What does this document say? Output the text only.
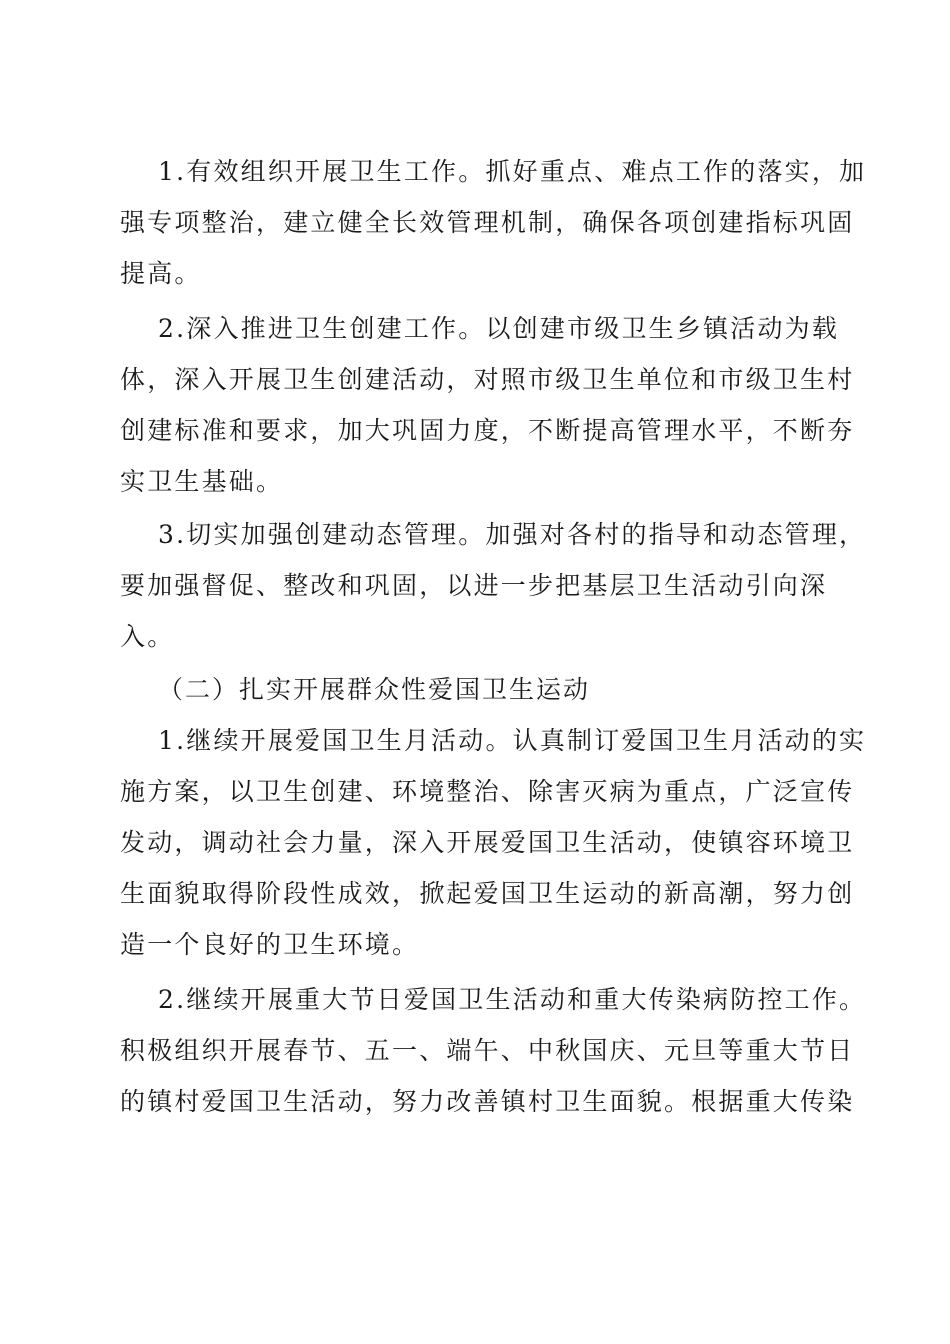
1.有效组织开展卫生工作。抓好重点、难点工作的落实，加
强专项整治，建立健全长效管理机制，确保各项创建指标巩固
提高。
2.深入推进卫生创建工作。以创建市级卫生乡镇活动为载
体，深入开展卫生创建活动，对照市级卫生单位和市级卫生村
创建标准和要求，加大巩固力度，不断提高管理水平，不断夯
实卫生基础。
3.切实加强创建动态管理。加强对各村的指导和动态管理，
要加强督促、整改和巩固，以进一步把基层卫生活动引向深
入。
（二）扎实开展群众性爱国卫生运动
1.继续开展爱国卫生月活动。认真制订爱国卫生月活动的实
施方案，以卫生创建、环境整治、除害灭病为重点，广泛宣传
发动，调动社会力量，深入开展爱国卫生活动，使镇容环境卫
生面貌取得阶段性成效，掀起爱国卫生运动的新高潮，努力创
造一个良好的卫生环境。
2.继续开展重大节日爱国卫生活动和重大传染病防控工作。
积极组织开展春节、五一、端午、中秋国庆、元旦等重大节日
的镇村爱国卫生活动，努力改善镇村卫生面貌。根据重大传染
